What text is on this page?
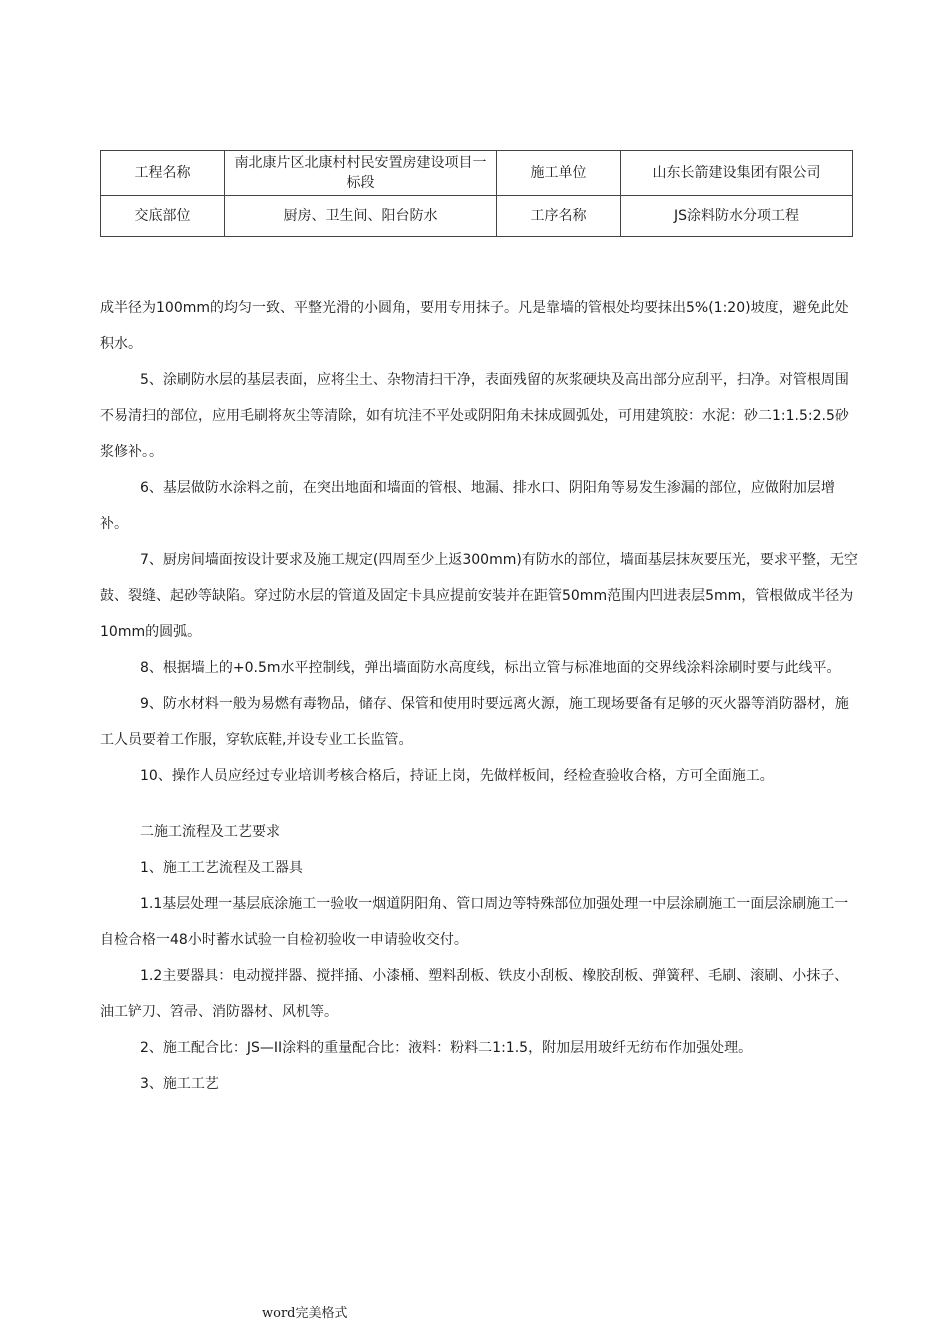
工程名称	南北康片区北康村村民安置房建设项目一标段	施工单位	山东长箭建设集团有限公司
交底部位	厨房、卫生间、阳台防水	工序名称	JS涂料防水分项工程

成半径为100mm的均匀一致、平整光滑的小圆角，要用专用抹子。凡是靠墙的管根处均要抹出5%(1:20)坡度，避免此处积水。

5、涂刷防水层的基层表面，应将尘土、杂物清扫干净，表面残留的灰浆硬块及高出部分应刮平，扫净。对管根周围不易清扫的部位，应用毛刷将灰尘等清除，如有坑洼不平处或阴阳角未抹成圆弧处，可用建筑胶：水泥：砂二1:1.5:2.5砂浆修补。。

6、基层做防水涂料之前，在突出地面和墙面的管根、地漏、排水口、阴阳角等易发生渗漏的部位，应做附加层增补。

7、厨房间墙面按设计要求及施工规定(四周至少上返300mm)有防水的部位，墙面基层抹灰要压光，要求平整，无空鼓、裂缝、起砂等缺陷。穿过防水层的管道及固定卡具应提前安装并在距管50mm范围内凹进表层5mm，管根做成半径为10mm的圆弧。

8、根据墙上的+0.5m水平控制线，弹出墙面防水高度线，标出立管与标准地面的交界线涂料涂刷时要与此线平。

9、防水材料一般为易燃有毒物品，储存、保管和使用时要远离火源，施工现场要备有足够的灭火器等消防器材，施工人员要着工作服，穿软底鞋,并设专业工长监管。

10、操作人员应经过专业培训考核合格后，持证上岗，先做样板间，经检查验收合格，方可全面施工。

二施工流程及工艺要求

1、施工工艺流程及工器具

1.1基层处理一基层底涂施工一验收一烟道阴阳角、管口周边等特殊部位加强处理一中层涂刷施工一面层涂刷施工一自检合格一48小时蓄水试验一自检初验收一申请验收交付。

1.2主要器具：电动搅拌器、搅拌捅、小漆桶、塑料刮板、铁皮小刮板、橡胶刮板、弹簧秤、毛刷、滚刷、小抹子、油工铲刀、笤帚、消防器材、风机等。

2、施工配合比：JS—II涂料的重量配合比：液料：粉料二1:1.5，附加层用玻纤无纺布作加强处理。

3、施工工艺

word完美格式
